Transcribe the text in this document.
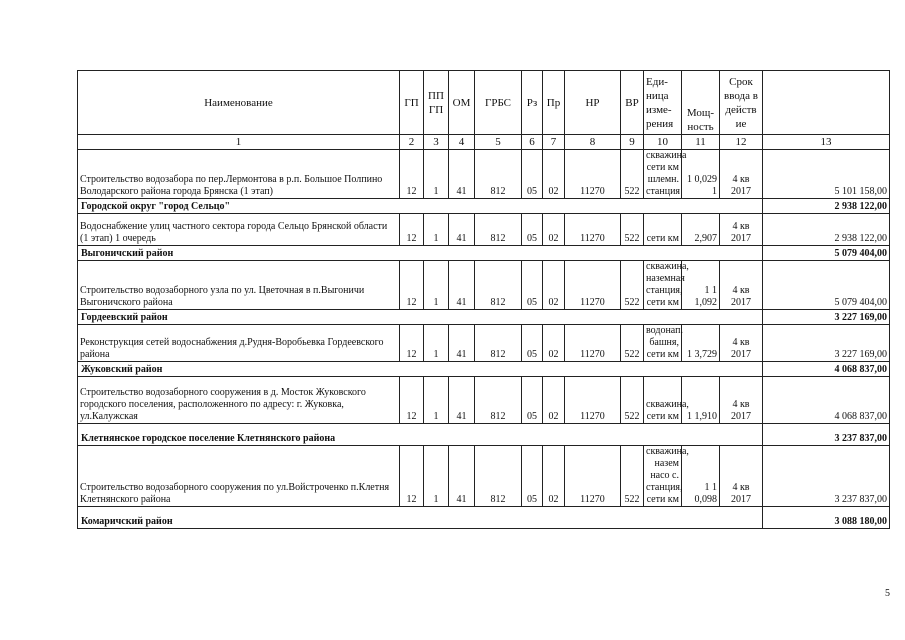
Наименование	ГП	ПП ГП	ОМ	ГРБС	Рз	Пр	НР	ВР	Еди- ница изме- рения	Мощ- ность	Срок ввода в действ ие	
1	2	3	4	5	6	7	8	9	10	11	12	13
Строительство водозабора по пер.Лермонтова в р.п. Большое Полпино Володарского района города Брянска (1 этап)	12	1	41	812	05	02	11270	522	скважина сети км шлемн. станция	1 0,029 1	4 кв 2017	5 101 158,00
Городской округ "город Сельцо"												2 938 122,00
Водоснабжение улиц частного сектора города Сельцо Брянской области (1 этап) 1 очередь	12	1	41	812	05	02	11270	522	сети км	2,907	4 кв 2017	2 938 122,00
Выгоничский район												5 079 404,00
Строительство водозаборного узла по ул. Цветочная в п.Выгоничи Выгоничского района	12	1	41	812	05	02	11270	522	скважина, наземная станция, сети км	1 1 1,092	4 кв 2017	5 079 404,00
Гордеевский район												3 227 169,00
Реконструкция сетей водоснабжения д.Рудня-Воробьевка Гордеевского района	12	1	41	812	05	02	11270	522	водонап. башня, сети км	1 3,729	4 кв 2017	3 227 169,00
Жуковский район												4 068 837,00
Строительство водозаборного сооружения в д. Мосток Жуковского городского поселения, расположенного по адресу: г. Жуковка, ул.Калужская	12	1	41	812	05	02	11270	522	скважина, сети км	1 1,910	4 кв 2017	4 068 837,00
Клетнянское городское поселение Клетнянского района												3 237 837,00
Строительство водозаборного сооружения по ул.Войстроченко п.Клетня Клетнянского района	12	1	41	812	05	02	11270	522	скважина, назем насо с. станция, сети км	1 1 0,098	4 кв 2017	3 237 837,00
Комаричский район												3 088 180,00
5
